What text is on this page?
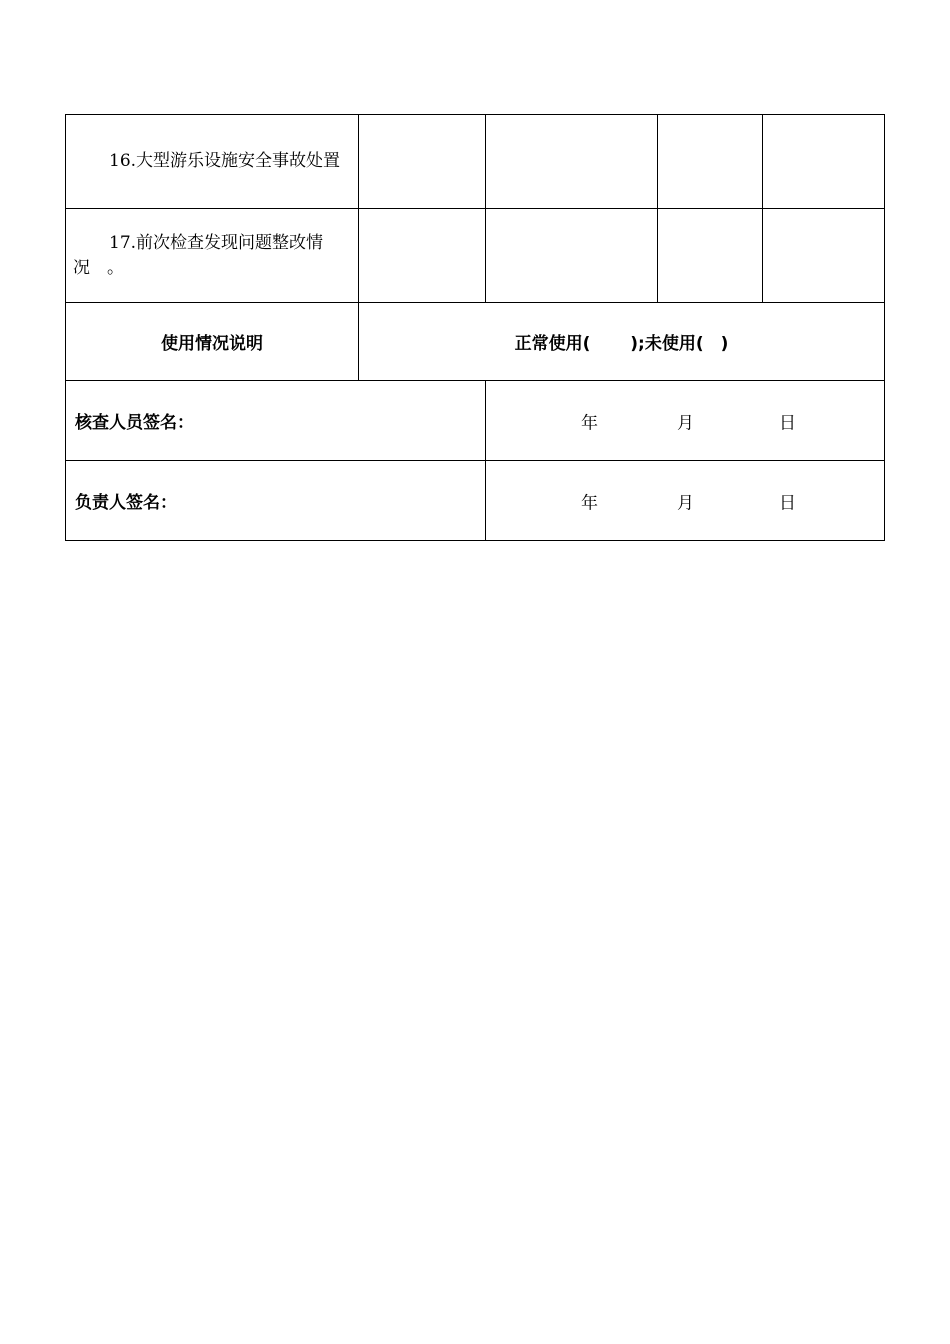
16.大型游乐设施安全事故处置				

17.前次检查发现问题整改情况　。				

使用情况说明	正常使用(　　 );未使用(　)			
核查人员签名：		年 月 日		

负责人签名：		年 月 日		
